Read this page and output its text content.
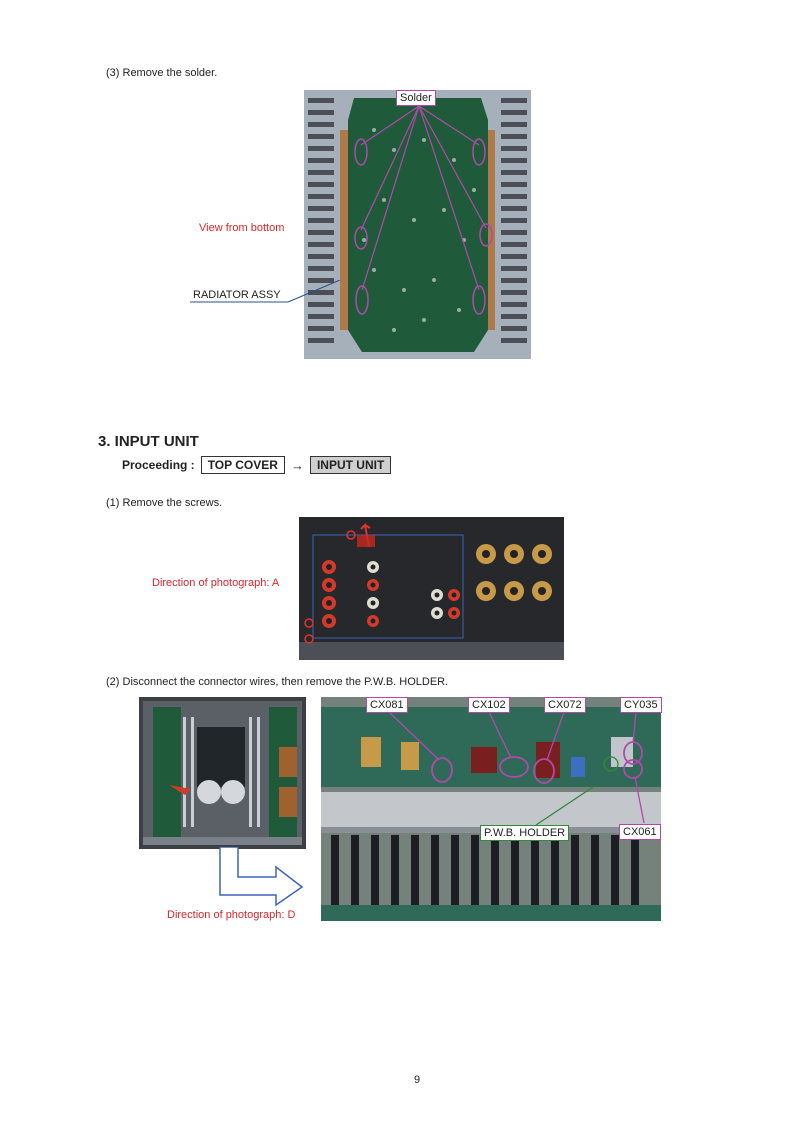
(3) Remove the solder.
Solder
View from bottom
RADIATOR ASSY
3. INPUT UNIT
Proceeding :	TOP COVER	→	INPUT UNIT
(1) Remove the screws.
Direction of photograph: A
(2) Disconnect the connector wires, then remove the P.W.B. HOLDER.
Direction of photograph: D
CX081	CX102	CX072	CY035
P.W.B. HOLDER	CX061
9
